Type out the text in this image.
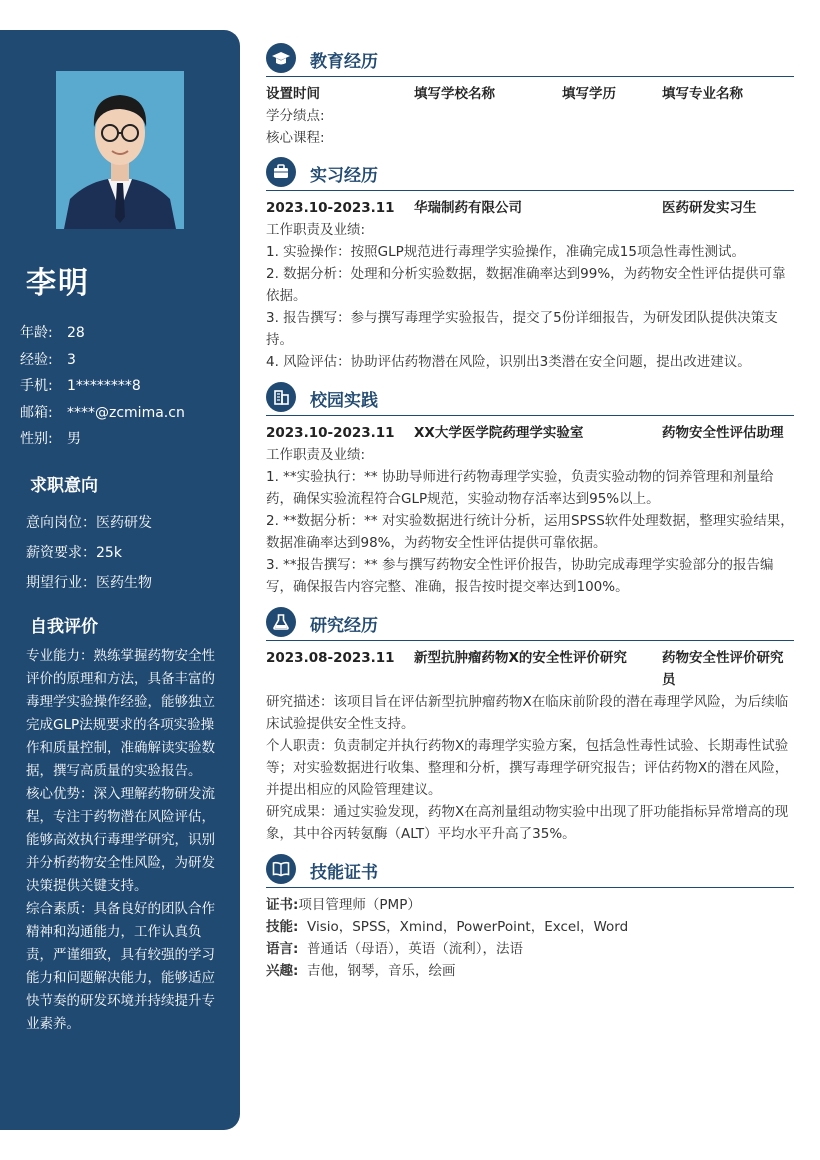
李明
年龄: 28
经验: 3
手机: 1********8
邮箱: ****@zcmima.cn
性别: 男
求职意向
意向岗位：医药研发
薪资要求：25k
期望行业：医药生物
自我评价

专业能力：熟练掌握药物安全性评价的原理和方法，具备丰富的毒理学实验操作经验，能够独立完成GLP法规要求的各项实验操作和质量控制，准确解读实验数据，撰写高质量的实验报告。

核心优势：深入理解药物研发流程，专注于药物潜在风险评估，能够高效执行毒理学研究，识别并分析药物安全性风险，为研发决策提供关键支持。

综合素质：具备良好的团队合作精神和沟通能力，工作认真负责，严谨细致，具有较强的学习能力和问题解决能力，能够适应快节奏的研发环境并持续提升专业素养。

教育经历
设置时间	填写学校名称	填写学历	填写专业名称

学分绩点:

核心课程:

实习经历
2023.10-2023.11	华瑞制药有限公司	医药研发实习生

工作职责及业绩:

1. 实验操作：按照GLP规范进行毒理学实验操作，准确完成15项急性毒性测试。

2. 数据分析：处理和分析实验数据，数据准确率达到99%，为药物安全性评估提供可靠依据。

3. 报告撰写：参与撰写毒理学实验报告，提交了5份详细报告，为研发团队提供决策支持。

4. 风险评估：协助评估药物潜在风险，识别出3类潜在安全问题，提出改进建议。

校园实践
2023.10-2023.11	XX大学医学院药理学实验室	药物安全性评估助理

工作职责及业绩:

1. **实验执行：** 协助导师进行药物毒理学实验，负责实验动物的饲养管理和剂量给药，确保实验流程符合GLP规范，实验动物存活率达到95%以上。

2. **数据分析：** 对实验数据进行统计分析，运用SPSS软件处理数据，整理实验结果，数据准确率达到98%，为药物安全性评估提供可靠依据。

3. **报告撰写：** 参与撰写药物安全性评价报告，协助完成毒理学实验部分的报告编写，确保报告内容完整、准确，报告按时提交率达到100%。

研究经历
2023.08-2023.11	新型抗肿瘤药物X的安全性评价研究	药物安全性评价研究员

研究描述：该项目旨在评估新型抗肿瘤药物X在临床前阶段的潜在毒理学风险，为后续临床试验提供安全性支持。

个人职责：负责制定并执行药物X的毒理学实验方案，包括急性毒性试验、长期毒性试验等；对实验数据进行收集、整理和分析，撰写毒理学研究报告；评估药物X的潜在风险，并提出相应的风险管理建议。

研究成果：通过实验发现，药物X在高剂量组动物实验中出现了肝功能指标异常增高的现象，其中谷丙转氨酶（ALT）平均水平升高了35%。

技能证书

证书:项目管理师（PMP）

技能: Visio，SPSS，Xmind，PowerPoint，Excel，Word

语言: 普通话（母语），英语（流利），法语

兴趣: 吉他，钢琴，音乐，绘画
